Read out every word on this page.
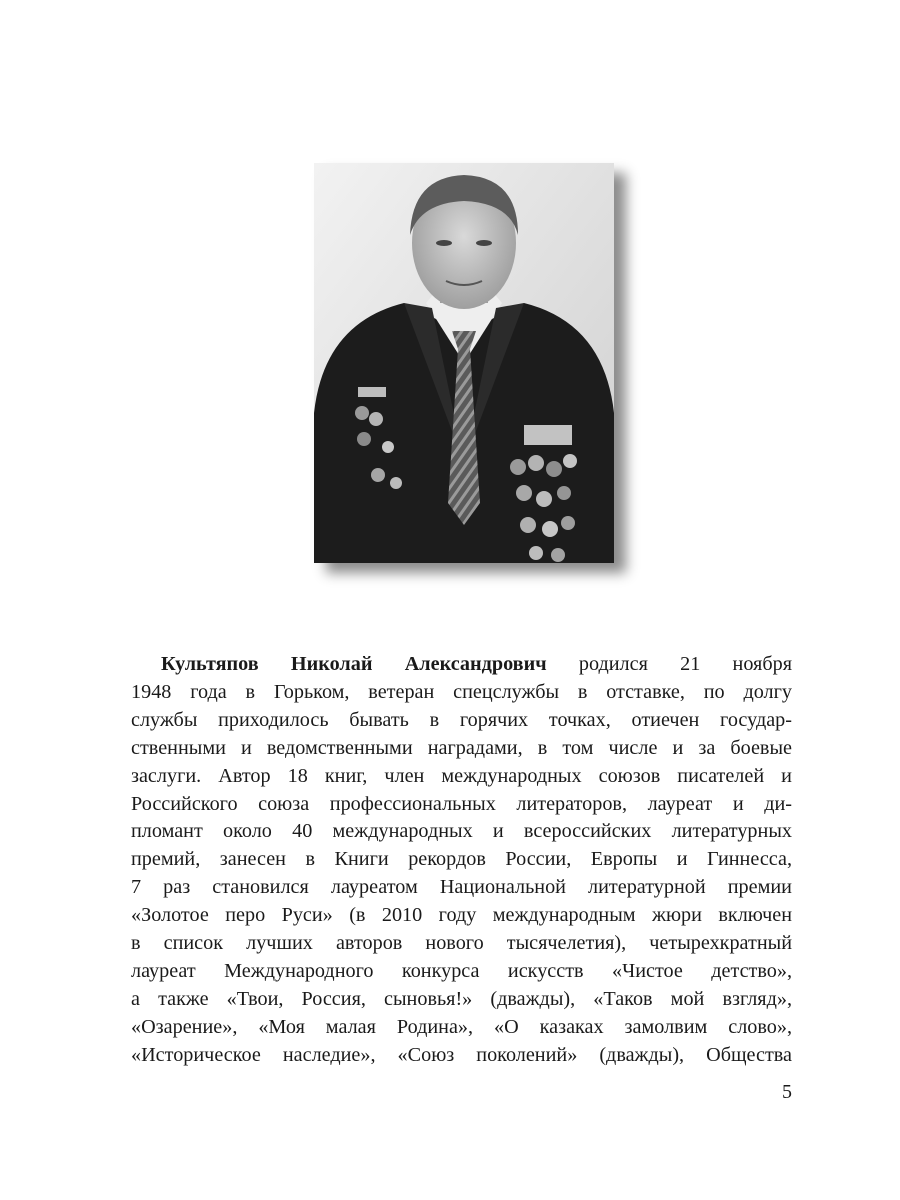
Культяпов Николай Александрович родился 21 ноября
1948 года в Горьком, ветеран спецслужбы в отставке, по долгу
службы приходилось бывать в горячих точках, отиечен государ-
ственными и ведомственными наградами, в том числе и за боевые
заслуги. Автор 18 книг, член международных союзов писателей и
Российского союза профессиональных литераторов, лауреат и ди-
пломант около 40 международных и всероссийских литературных
премий, занесен в Книги рекордов России, Европы и Гиннесса,
7 раз становился лауреатом Национальной литературной премии
«Золотое перо Руси» (в 2010 году международным жюри включен
в список лучших авторов нового тысячелетия), четырехкратный
лауреат Международного конкурса искусств «Чистое детство»,
а также «Твои, Россия, сыновья!» (дважды), «Таков мой взгляд»,
«Озарение», «Моя малая Родина», «О казаках замолвим слово»,
«Историческое наследие», «Союз поколений» (дважды), Общества
5
